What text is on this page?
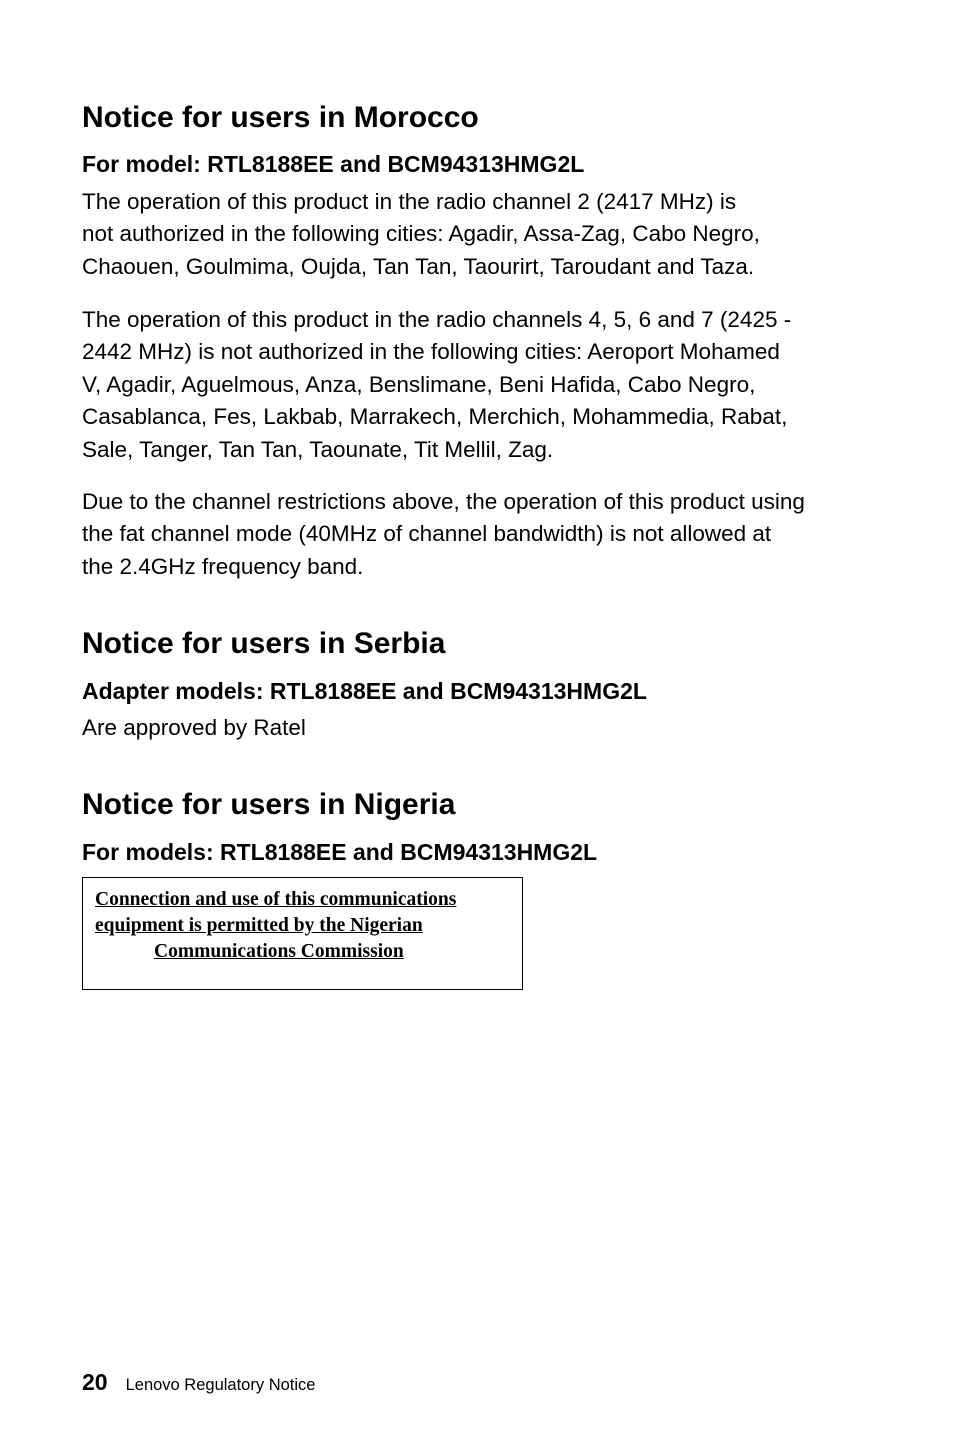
Notice for users in Morocco
For model: RTL8188EE and BCM94313HMG2L

The operation of this product in the radio channel 2 (2417 MHz) is
not authorized in the following cities: Agadir, Assa-Zag, Cabo Negro,
Chaouen, Goulmima, Oujda, Tan Tan, Taourirt, Taroudant and Taza.

The operation of this product in the radio channels 4, 5, 6 and 7 (2425 -
2442 MHz) is not authorized in the following cities: Aeroport Mohamed
V, Agadir, Aguelmous, Anza, Benslimane, Beni Hafida, Cabo Negro,
Casablanca, Fes, Lakbab, Marrakech, Merchich, Mohammedia, Rabat,
Sale, Tanger, Tan Tan, Taounate, Tit Mellil, Zag.

Due to the channel restrictions above, the operation of this product using
the fat channel mode (40MHz of channel bandwidth) is not allowed at
the 2.4GHz frequency band.

Notice for users in Serbia
Adapter models: RTL8188EE and BCM94313HMG2L

Are approved by Ratel

Notice for users in Nigeria
For models: RTL8188EE and BCM94313HMG2L
Connection and use of this communications
equipment is permitted by the Nigerian
Communications Commission
20 Lenovo Regulatory Notice
